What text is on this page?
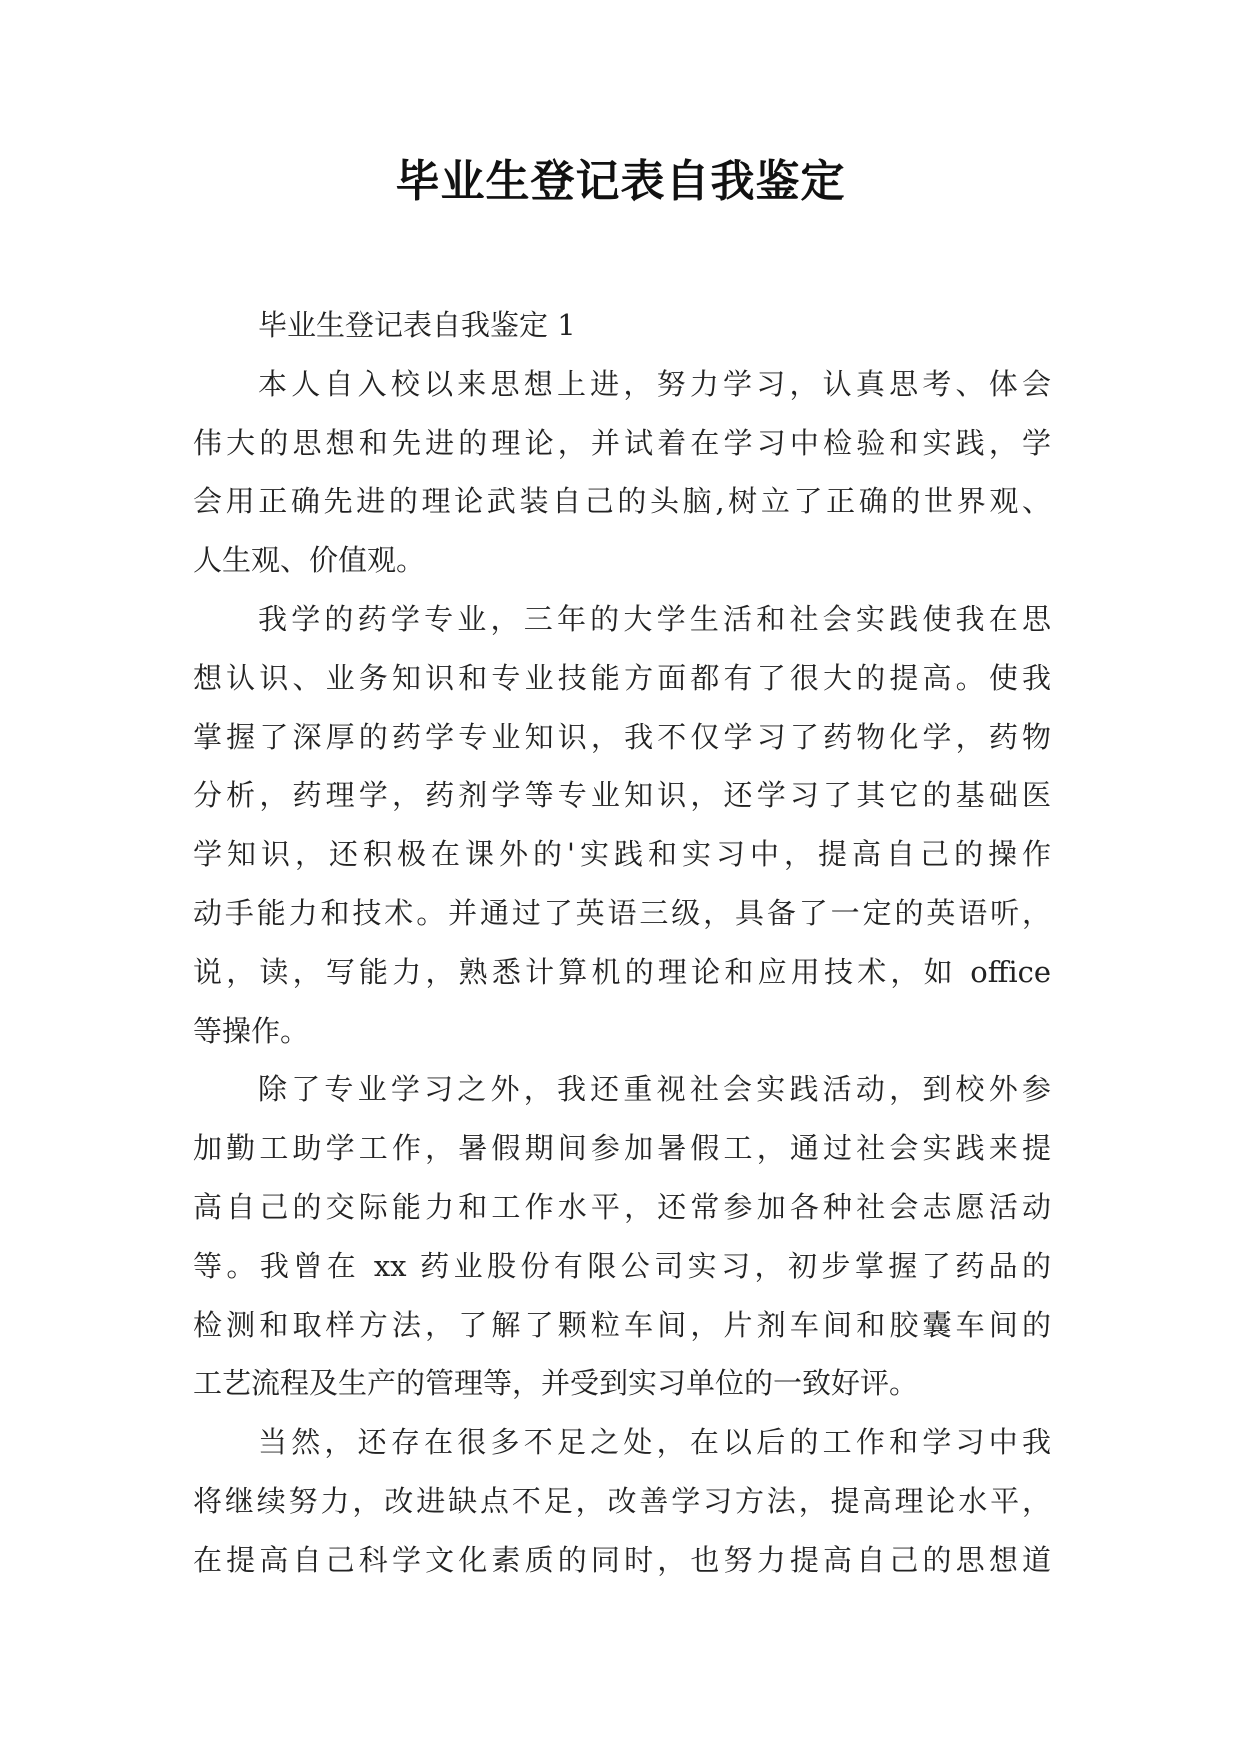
毕业生登记表自我鉴定
毕业生登记表自我鉴定 1
本人自入校以来思想上进，努力学习，认真思考、体会
伟大的思想和先进的理论，并试着在学习中检验和实践，学
会用正确先进的理论武装自己的头脑,树立了正确的世界观、
人生观、价值观。
我学的药学专业，三年的大学生活和社会实践使我在思
想认识、业务知识和专业技能方面都有了很大的提高。使我
掌握了深厚的药学专业知识，我不仅学习了药物化学，药物
分析，药理学，药剂学等专业知识，还学习了其它的基础医
学知识，还积极在课外的'实践和实习中，提高自己的操作
动手能力和技术。并通过了英语三级，具备了一定的英语听，
说，读，写能力，熟悉计算机的理论和应用技术，如 office
等操作。
除了专业学习之外，我还重视社会实践活动，到校外参
加勤工助学工作，暑假期间参加暑假工，通过社会实践来提
高自己的交际能力和工作水平，还常参加各种社会志愿活动
等。我曾在 xx 药业股份有限公司实习，初步掌握了药品的
检测和取样方法，了解了颗粒车间，片剂车间和胶囊车间的
工艺流程及生产的管理等，并受到实习单位的一致好评。
当然，还存在很多不足之处，在以后的工作和学习中我
将继续努力，改进缺点不足，改善学习方法，提高理论水平，
在提高自己科学文化素质的同时，也努力提高自己的思想道
